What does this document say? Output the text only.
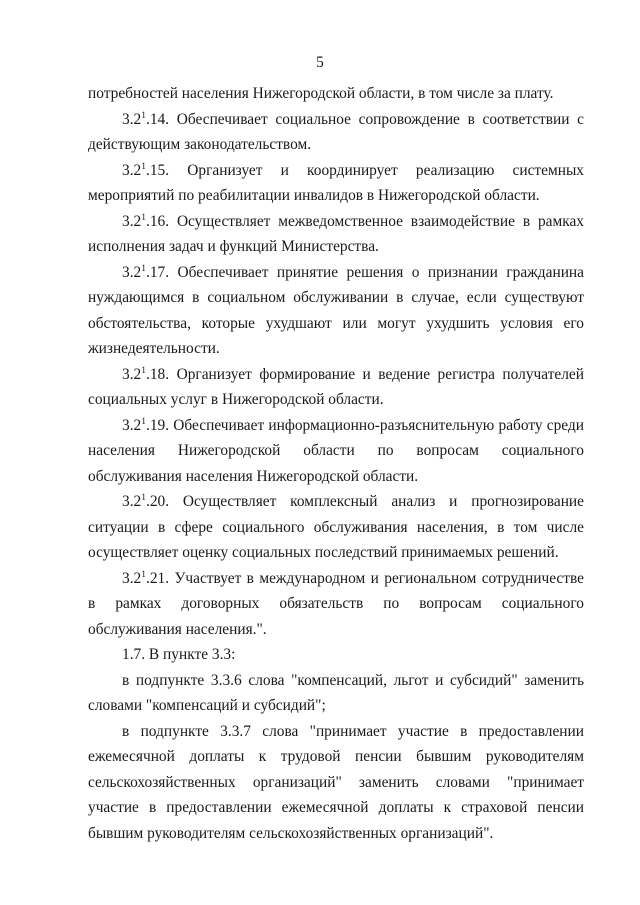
5

потребностей населения Нижегородской области, в том числе за плату.

$3.2^1.14$. Обеспечивает социальное сопровождение в соответствии с действующим законодательством.

$3.2^1.15$. Организует и координирует реализацию системных мероприятий по реабилитации инвалидов в Нижегородской области.

$3.2^1.16$. Осуществляет межведомственное взаимодействие в рамках исполнения задач и функций Министерства.

$3.2^1.17$. Обеспечивает принятие решения о признании гражданина нуждающимся в социальном обслуживании в случае, если существуют обстоятельства, которые ухудшают или могут ухудшить условия его жизнедеятельности.

$3.2^1.18$. Организует формирование и ведение регистра получателей социальных услуг в Нижегородской области.

$3.2^1.19$. Обеспечивает информационно-разъяснительную работу среди населения Нижегородской области по вопросам социального обслуживания населения Нижегородской области.

$3.2^1.20$. Осуществляет комплексный анализ и прогнозирование ситуации в сфере социального обслуживания населения, в том числе осуществляет оценку социальных последствий принимаемых решений.

$3.2^1.21$. Участвует в международном и региональном сотрудничестве в рамках договорных обязательств по вопросам социального обслуживания населения.".

1.7. В пункте 3.3:

в подпункте 3.3.6 слова "компенсаций, льгот и субсидий" заменить словами "компенсаций и субсидий";

в подпункте 3.3.7 слова "принимает участие в предоставлении ежемесячной доплаты к трудовой пенсии бывшим руководителям сельскохозяйственных организаций" заменить словами "принимает участие в предоставлении ежемесячной доплаты к страховой пенсии бывшим руководителям сельскохозяйственных организаций".
